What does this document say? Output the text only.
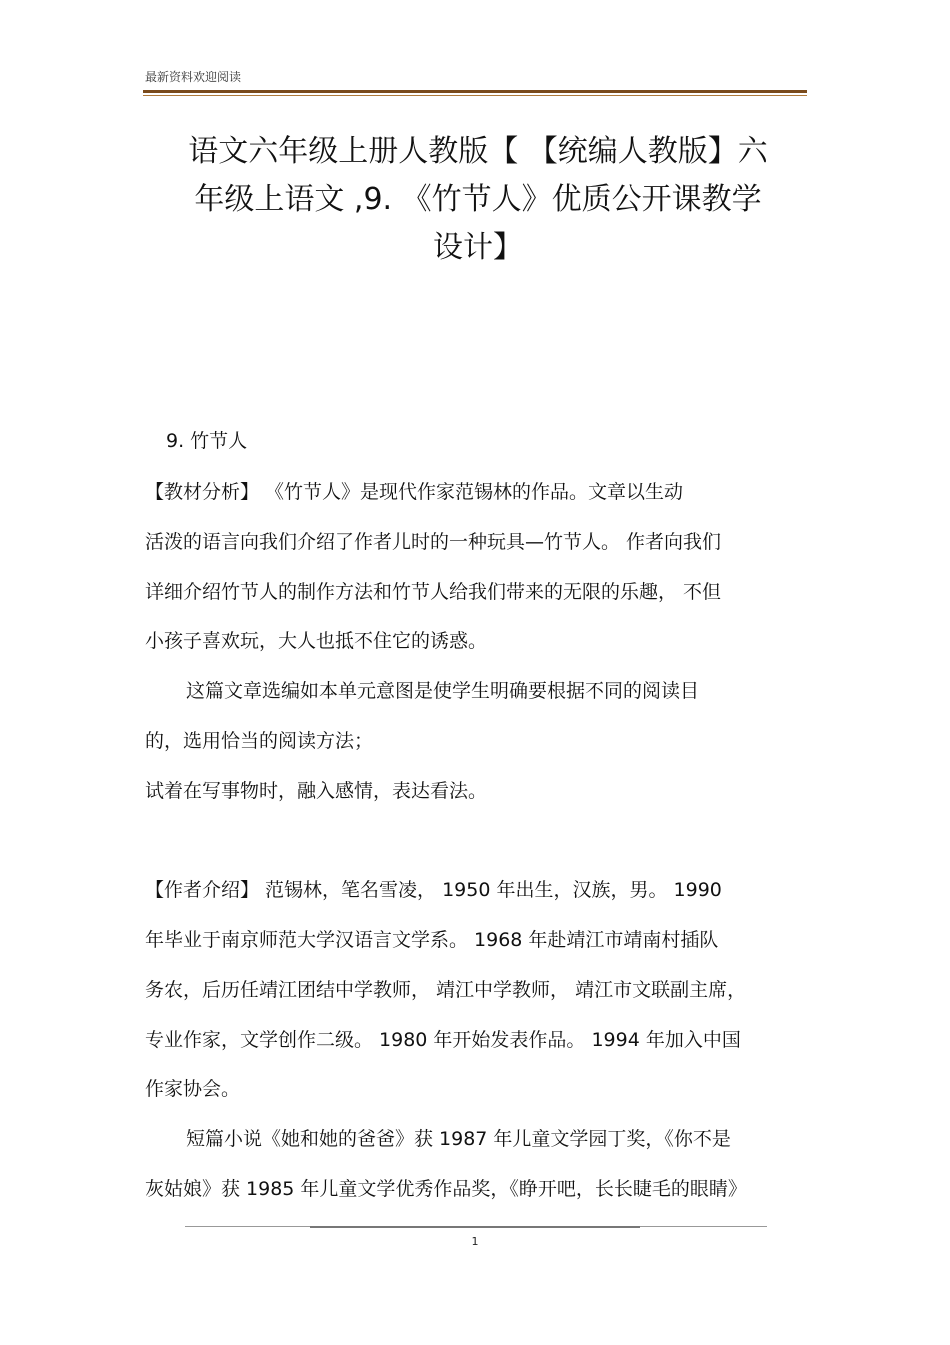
最新资料欢迎阅读
语文六年级上册人教版【 【统编人教版】六
年级上语文 ,9. 《竹节人》优质公开课教学
设计】
9. 竹节人
【教材分析】 《竹节人》是现代作家范锡林的作品。文章以生动
活泼的语言向我们介绍了作者儿时的一种玩具—竹节人。 作者向我们
详细介绍竹节人的制作方法和竹节人给我们带来的无限的乐趣， 不但
小孩子喜欢玩，大人也抵不住它的诱惑。
这篇文章选编如本单元意图是使学生明确要根据不同的阅读目
的，选用恰当的阅读方法；
试着在写事物时，融入感情，表达看法。
【作者介绍】 范锡林，笔名雪凌， 1950 年出生，汉族，男。 1990
年毕业于南京师范大学汉语言文学系。 1968 年赴靖江市靖南村插队
务农，后历任靖江团结中学教师， 靖江中学教师， 靖江市文联副主席，
专业作家，文学创作二级。 1980 年开始发表作品。 1994 年加入中国
作家协会。
短篇小说《她和她的爸爸》获 1987 年儿童文学园丁奖，《你不是
灰姑娘》获 1985 年儿童文学优秀作品奖，《睁开吧，长长睫毛的眼睛》
1
